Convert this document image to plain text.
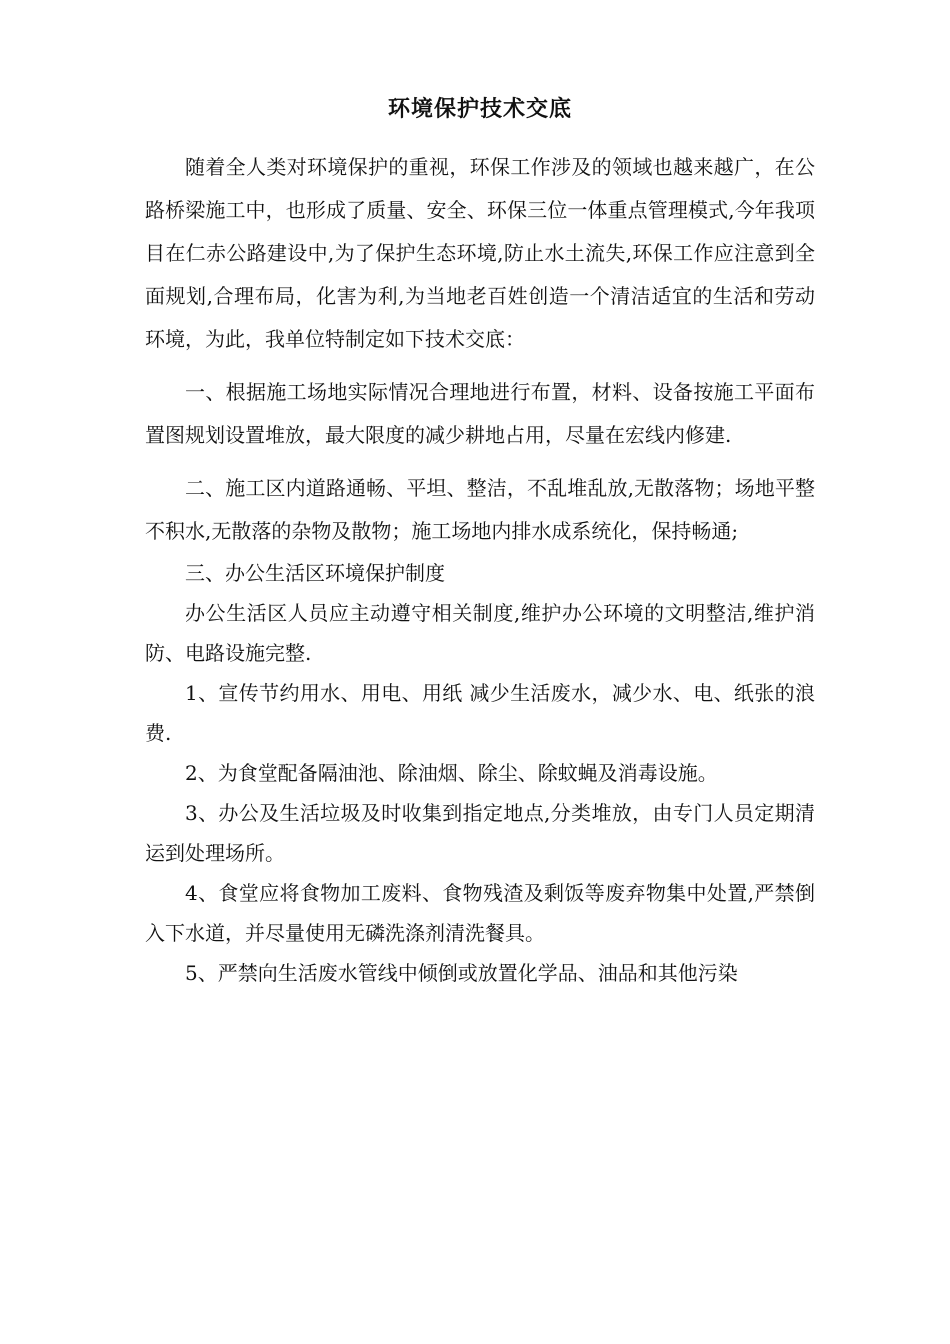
环境保护技术交底

随着全人类对环境保护的重视，环保工作涉及的领域也越来越广，在公路桥梁施工中，也形成了质量、安全、环保三位一体重点管理模式,今年我项目在仁赤公路建设中,为了保护生态环境,防止水土流失,环保工作应注意到全面规划,合理布局，化害为利,为当地老百姓创造一个清洁适宜的生活和劳动环境，为此，我单位特制定如下技术交底：

一、根据施工场地实际情况合理地进行布置，材料、设备按施工平面布置图规划设置堆放，最大限度的减少耕地占用，尽量在宏线内修建.

二、施工区内道路通畅、平坦、整洁，不乱堆乱放,无散落物；场地平整不积水,无散落的杂物及散物；施工场地内排水成系统化，保持畅通;

三、办公生活区环境保护制度

办公生活区人员应主动遵守相关制度,维护办公环境的文明整洁,维护消防、电路设施完整.

1、宣传节约用水、用电、用纸 减少生活废水，减少水、电、纸张的浪费.

2、为食堂配备隔油池、除油烟、除尘、除蚊蝇及消毒设施。

3、办公及生活垃圾及时收集到指定地点,分类堆放，由专门人员定期清运到处理场所。

4、食堂应将食物加工废料、食物残渣及剩饭等废弃物集中处置,严禁倒入下水道，并尽量使用无磷洗涤剂清洗餐具。

5、严禁向生活废水管线中倾倒或放置化学品、油品和其他污染
